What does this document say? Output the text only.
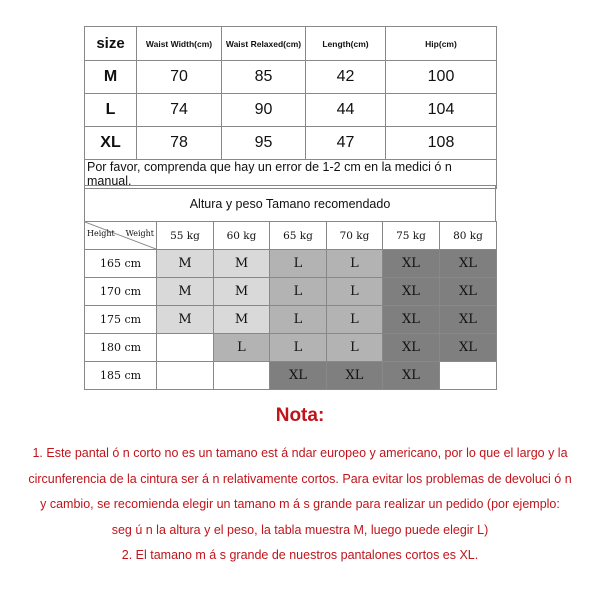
size	Waist Width(cm)	Waist Relaxed(cm)	Length(cm)	Hip(cm)
M	70	85	42	100
L	74	90	44	104
XL	78	95	47	108
Por favor, comprenda que hay un error de 1-2 cm en la medici ó n manual.				
Altura y peso Tamano recomendado
Height Weight	55 kg	60 kg	65 kg	70 kg	75 kg	80 kg
165 cm	M	M	L	L	XL	XL
170 cm	M	M	L	L	XL	XL
175 cm	M	M	L	L	XL	XL
180 cm		L	L	L	XL	XL
185 cm			XL	XL	XL	
Nota:
1. Este pantal ó n corto no es un tamano est á ndar europeo y americano, por lo que el largo y la
circunferencia de la cintura ser á n relativamente cortos. Para evitar los problemas de devoluci ó n
y cambio, se recomienda elegir un tamano m á s grande para realizar un pedido (por ejemplo:
seg ú n la altura y el peso, la tabla muestra M, luego puede elegir L)
2. El tamano m á s grande de nuestros pantalones cortos es XL.
